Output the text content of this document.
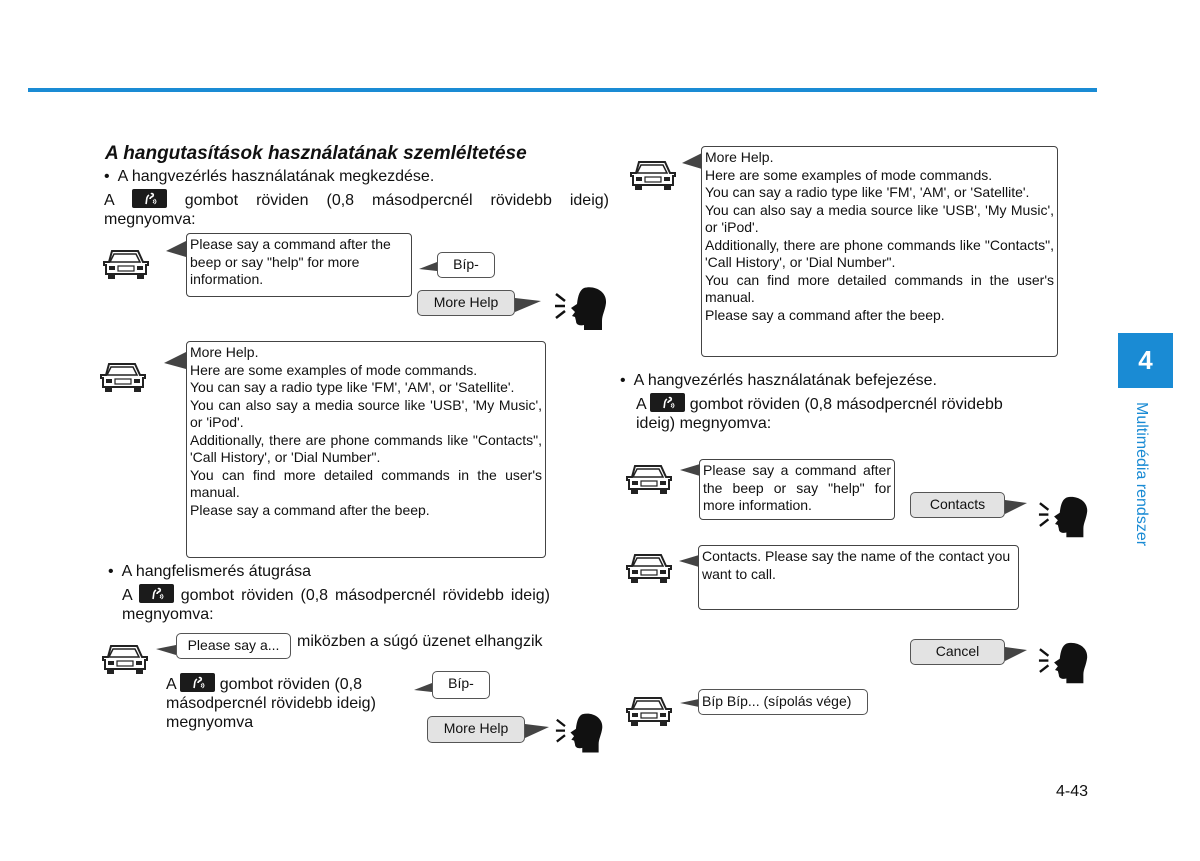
A hangutasítások használatának szemléltetése
•  A hangvezérlés használatának megkezdése.
A	gombot röviden (0,8 másodpercnél rövidebb ideig) megnyomva:
Please say a command after the beep or say "help" for more information.
Bíp-
More Help
More Help.
Here are some examples of mode commands.
You can say a radio type like 'FM', 'AM', or 'Satellite'.
You can also say a media source like 'USB', 'My Music', or 'iPod'.
Additionally, there are phone commands like "Contacts", 'Call History', or 'Dial Number".
You can find more detailed commands in the user's manual.
Please say a command after the beep.
•  A hangfelismerés átugrása
A	gombot röviden (0,8 másodpercnél rövidebb ideig) megnyomva:
Please say a...	miközben a súgó üzenet elhangzik
A	gombot röviden (0,8 másodpercnél rövidebb ideig) megnyomva
Bíp-
More Help
More Help.
Here are some examples of mode commands.
You can say a radio type like 'FM', 'AM', or 'Satellite'.
You can also say a media source like 'USB', 'My Music', or 'iPod'.
Additionally, there are phone commands like "Contacts", 'Call History', or 'Dial Number".
You can find more detailed commands in the user's manual.
Please say a command after the beep.
•  A hangvezérlés használatának befejezése.
A	gombot röviden (0,8 másodpercnél rövidebb ideig) megnyomva:
Please say a command after the beep or say "help" for more information.	Contacts
Contacts. Please say the name of the contact you want to call.
Cancel
Bíp Bíp... (sípolás vége)
4
Multimédia rendszer
4-43
